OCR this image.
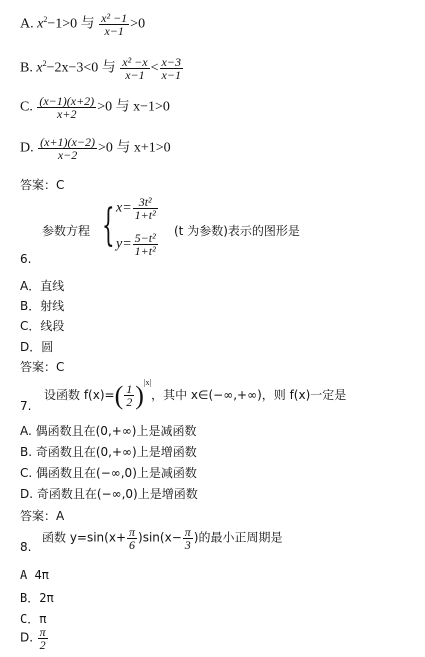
A. $x^2-1>0$ 与 $\frac{\text{x² −1}}{x-1} >0$
B. $x^2-2x-3<0$ 与 $\frac{\text{x² −x}}{x-1} < \frac{x-3}{x-1}$
C. $\frac{(x-1)(x+2)}{x+2} >0$ 与 x−1>0
D. $\frac{(x+1)(x-2)}{x-2} >0$ 与 x+1>0
答案：C
参数方程 { $x= \frac{\text{3t²}}{\text{1+t²}}$
$y= \frac{\text{5−t²}}{\text{1+t²}}$
(t 为参数)表示的图形是
6.
A．直线
B．射线
C．线段
D．圆
答案：C
设函数 $f(x)=( \frac{1}{2} )^{|x|}$，其中 x∈(−∞,+∞)，则 f(x)一定是
7.
A. 偶函数且在(0,+∞)上是减函数
B. 奇函数且在(0,+∞)上是增函数
C. 偶函数且在(−∞,0)上是减函数
D. 奇函数且在(−∞,0)上是增函数
答案：A
函数 $y=\sin(x+ \frac{\pi}{6} )\sin(x- \frac{\pi}{3}$ )的最小正周期是
8.
A 4π
B．2π
C．π
D. $\frac{\pi}{2}$
